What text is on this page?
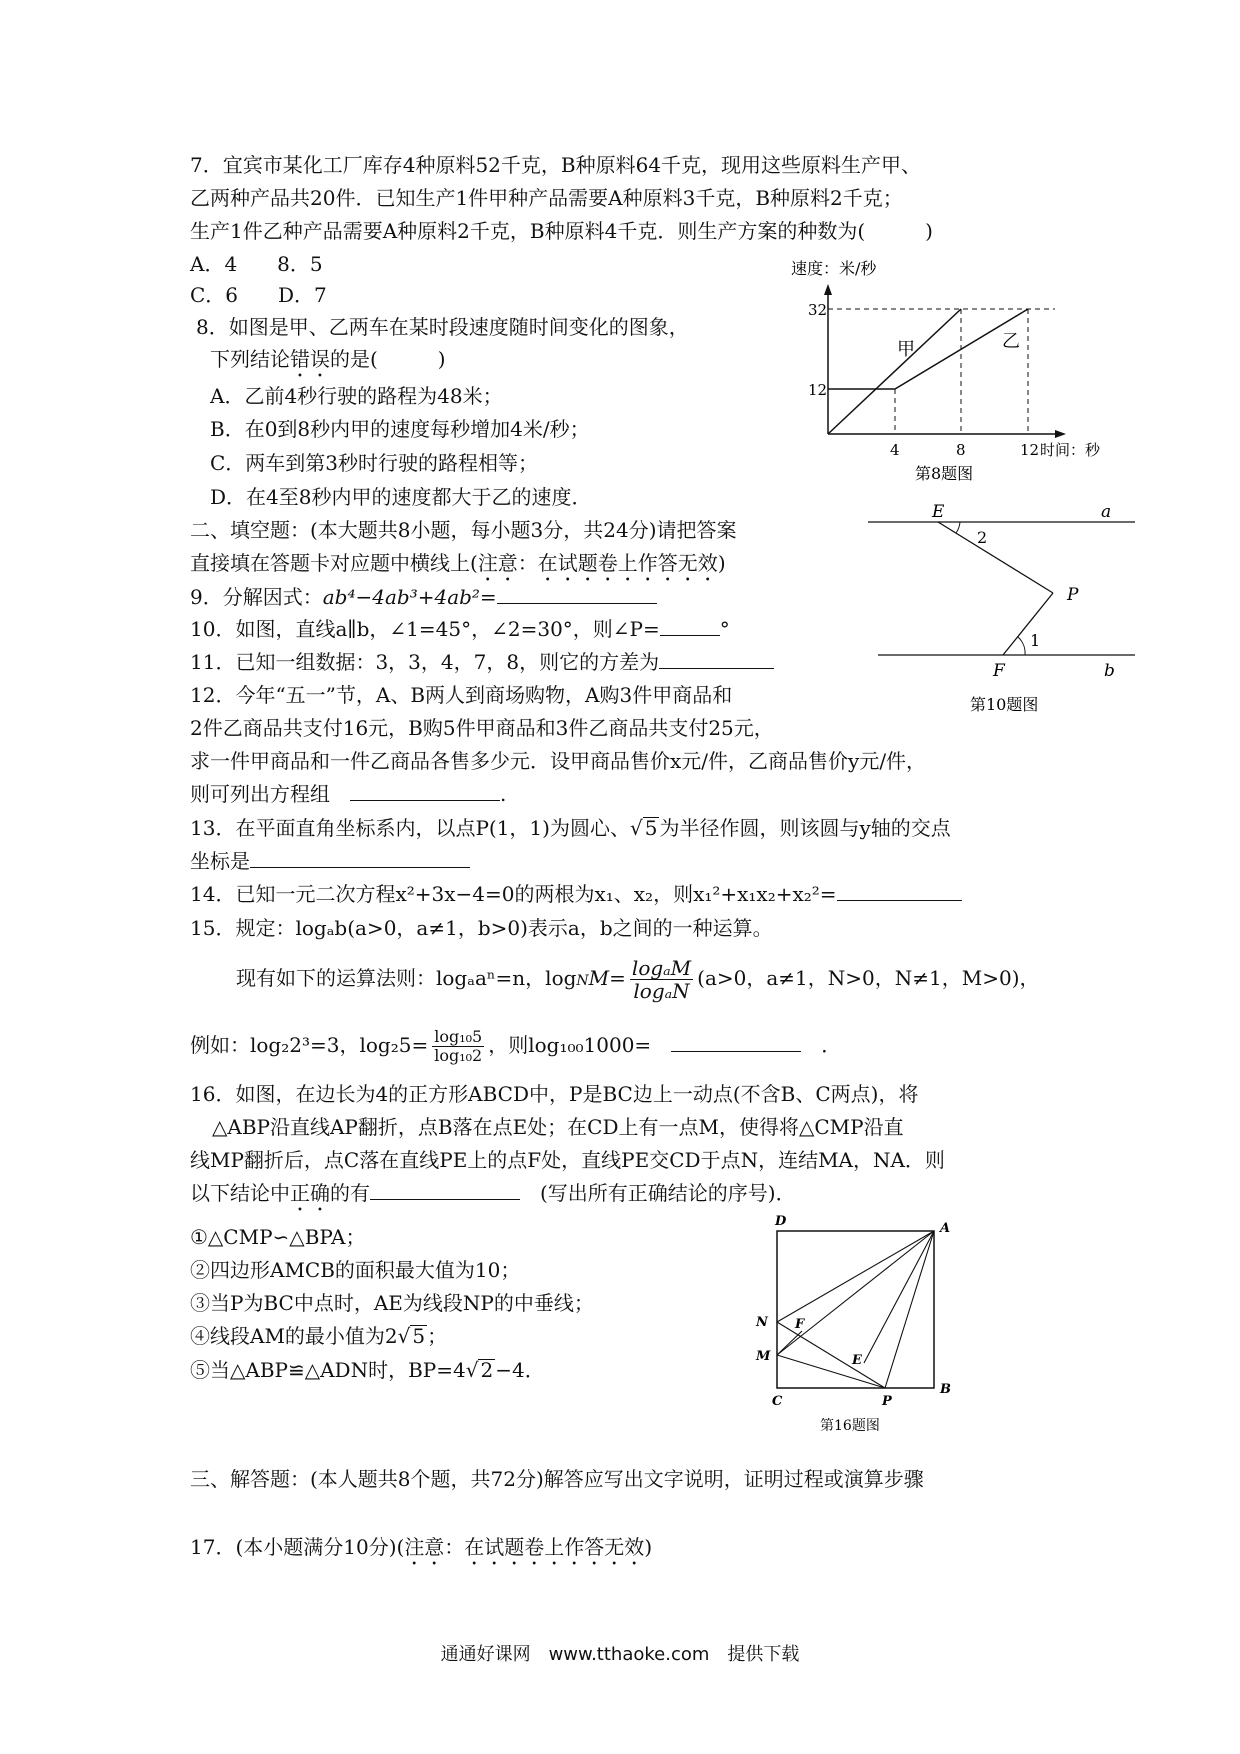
7．宜宾市某化工厂库存4种原料52千克，B种原料64千克，现用这些原料生产甲、
乙两种产品共20件．已知生产1件甲种产品需要A种原料3千克，B种原料2千克；
生产1件乙种产品需要A种原料2千克，B种原料4千克．则生产方案的种数为(　　　)
A．4　　8．5
C．6　　D．7
8．如图是甲、乙两车在某时段速度随时间变化的图象，
下列结论错误的是(　　　)
A．乙前4秒行驶的路程为48米；
B．在0到8秒内甲的速度每秒增加4米/秒；
C．两车到第3秒时行驶的路程相等；
D．在4至8秒内甲的速度都大于乙的速度．
速度：米/秒
32
12
4	8	12 时间：秒
甲	乙
第8题图
二、填空题：(本大题共8小题，每小题3分，共24分)请把答案
直接填在答题卡对应题中横线上(注意：在试题卷上作答无效)
E	a
2
P
1
F	b
第10题图
9．分解因式：ab⁴−4ab³+4ab²=
10．如图，直线a∥b，∠1=45°，∠2=30°，则∠P=	°
11．已知一组数据：3，3，4，7，8，则它的方差为
12．今年“五一”节，A、B两人到商场购物，A购3件甲商品和
2件乙商品共支付16元，B购5件甲商品和3件乙商品共支付25元，
求一件甲商品和一件乙商品各售多少元．设甲商品售价x元/件，乙商品售价y元/件，
则可列出方程组　	.
13．在平面直角坐标系内，以点P(1，1)为圆心、√ 5 为半径作圆，则该圆与y轴的交点
坐标是
14．已知一元二次方程x²+3x−4=0的两根为x₁、x₂，则x₁²+x₁x₂+x₂²=
15．规定：logₐb(a>0，a≠1，b>0)表示a，b之间的一种运算。
现有如下的运算法则：logₐaⁿ=n，logNM= $\frac{\text{logₐM}}{\text{logₐN}} (a>0$，a≠1，N>0，N≠1，M>0)，
例如：log₂2³=3，$\log_25= \frac{\text{log₁₀5}}{\text{log₁₀2}}$ ，则log₁₀₀1000=　　	．
16．如图，在边长为4的正方形ABCD中，P是BC边上一动点(不含B、C两点)，将
△ABP沿直线AP翻折，点B落在点E处；在CD上有一点M，使得将△CMP沿直
线MP翻折后，点C落在直线PE上的点F处，直线PE交CD于点N，连结MA，NA．则
以下结论中正确的有　	(写出所有正确结论的序号)．
①△CMP∽△BPA；
②四边形AMCB的面积最大值为10；
③当P为BC中点时，AE为线段NP的中垂线；
④线段AM的最小值为2√ 5 ；
⑤当△ABP≌△ADN时，BP=4√ 2 −4．
D	A
N F
M	E
C	P
B
第16题图
三、解答题：(本人题共8个题，共72分)解答应写出文字说明，证明过程或演算步骤
17．(本小题满分10分)(注意：在试题卷上作答无效)
通通好课网　www.tthaoke.com　提供下载
